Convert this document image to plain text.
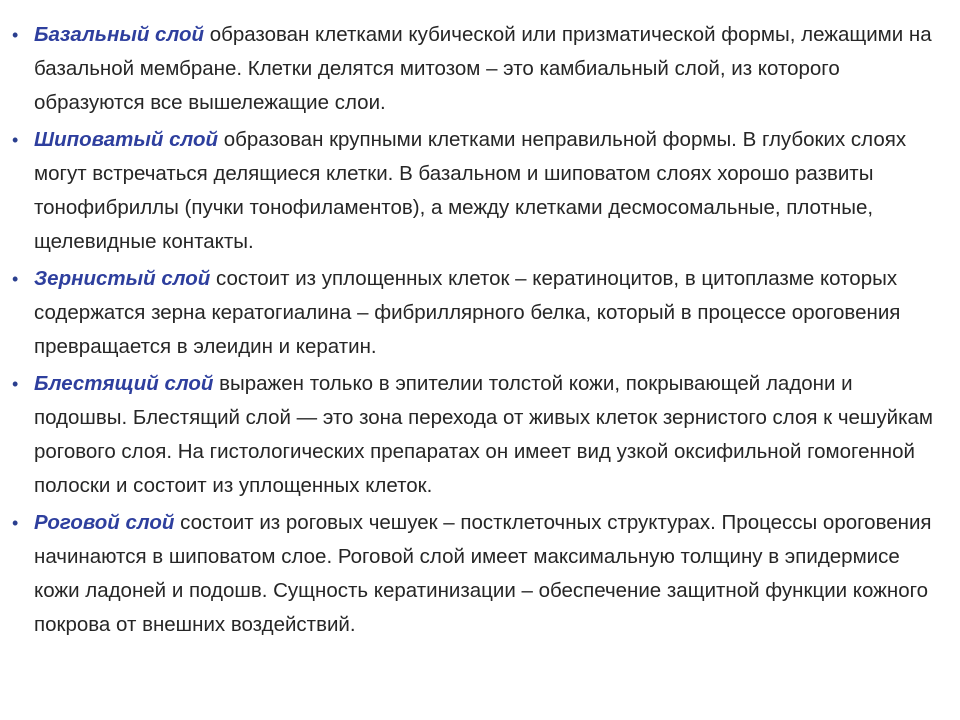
• Базальный слой образован клетками кубической или призматической формы, лежащими на базальной мембране. Клетки делятся митозом – это камбиальный слой, из которого образуются все вышележащие слои.
• Шиповатый слой образован крупными клетками неправильной формы. В глубоких слоях могут встречаться делящиеся клетки. В базальном и шиповатом слоях хорошо развиты тонофибриллы (пучки тонофиламентов), а между клетками десмосомальные, плотные, щелевидные контакты.
• Зернистый слой состоит из уплощенных клеток – кератиноцитов, в цитоплазме которых содержатся зерна кератогиалина – фибриллярного белка, который в процессе ороговения превращается в элеидин и кератин.
• Блестящий слой выражен только в эпителии толстой кожи, покрывающей ладони и подошвы. Блестящий слой — это зона перехода от живых клеток зернистого слоя к чешуйкам рогового слоя. На гистологических препаратах он имеет вид узкой оксифильной гомогенной полоски и состоит из уплощенных клеток.
• Роговой слой состоит из роговых чешуек – постклеточных структурах. Процессы ороговения начинаются в шиповатом слое. Роговой слой имеет максимальную толщину в эпидермисе кожи ладоней и подошв. Сущность кератинизации – обеспечение защитной функции кожного покрова от внешних воздействий.
